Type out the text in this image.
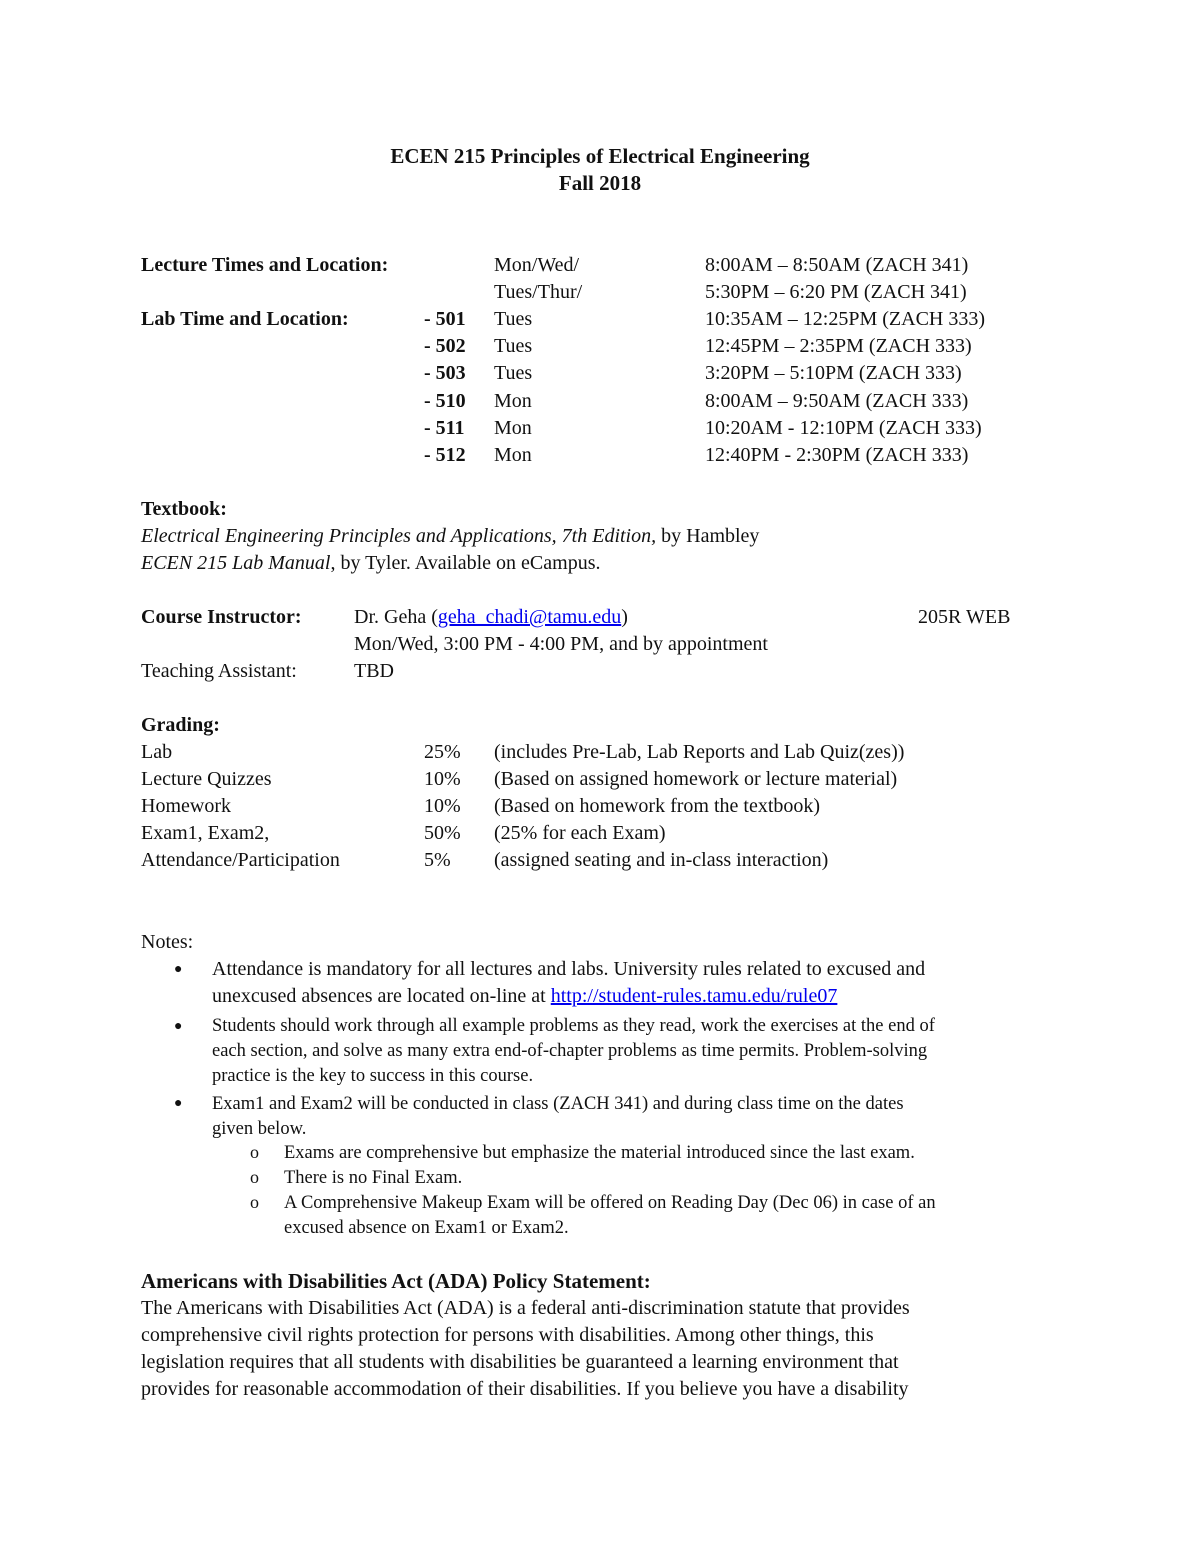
ECEN 215 Principles of Electrical Engineering
Fall 2018
Lecture Times and Location:	Mon/Wed/	8:00AM – 8:50AM (ZACH 341)
Tues/Thur/	5:30PM – 6:20 PM (ZACH 341)
Lab Time and Location:	- 501 Tues	10:35AM – 12:25PM (ZACH 333)
- 502 Tues	12:45PM – 2:35PM (ZACH 333)
- 503 Tues	3:20PM – 5:10PM (ZACH 333)
- 510 Mon	8:00AM – 9:50AM (ZACH 333)
- 511 Mon	10:20AM - 12:10PM (ZACH 333)
- 512 Mon	12:40PM - 2:30PM (ZACH 333)
Textbook:
Electrical Engineering Principles and Applications, 7th Edition, by Hambley
ECEN 215 Lab Manual, by Tyler. Available on eCampus.
Course Instructor:	Dr. Geha (geha_chadi@tamu.edu)	205R WEB
Mon/Wed, 3:00 PM - 4:00 PM, and by appointment
Teaching Assistant:	TBD
Grading:
Lab	25% (includes Pre-Lab, Lab Reports and Lab Quiz(zes))
Lecture Quizzes	10% (Based on assigned homework or lecture material)
Homework	10% (Based on homework from the textbook)
Exam1, Exam2,	50% (25% for each Exam)
Attendance/Participation	5% (assigned seating and in-class interaction)
Notes:
● Attendance is mandatory for all lectures and labs. University rules related to excused and
unexcused absences are located on-line at http://student-rules.tamu.edu/rule07
● Students should work through all example problems as they read, work the exercises at the end of
each section, and solve as many extra end-of-chapter problems as time permits. Problem-solving
practice is the key to success in this course.
● Exam1 and Exam2 will be conducted in class (ZACH 341) and during class time on the dates
given below.
o Exams are comprehensive but emphasize the material introduced since the last exam.
o There is no Final Exam.
o A Comprehensive Makeup Exam will be offered on Reading Day (Dec 06) in case of an
excused absence on Exam1 or Exam2.
Americans with Disabilities Act (ADA) Policy Statement:
The Americans with Disabilities Act (ADA) is a federal anti-discrimination statute that provides
comprehensive civil rights protection for persons with disabilities. Among other things, this
legislation requires that all students with disabilities be guaranteed a learning environment that
provides for reasonable accommodation of their disabilities. If you believe you have a disability
